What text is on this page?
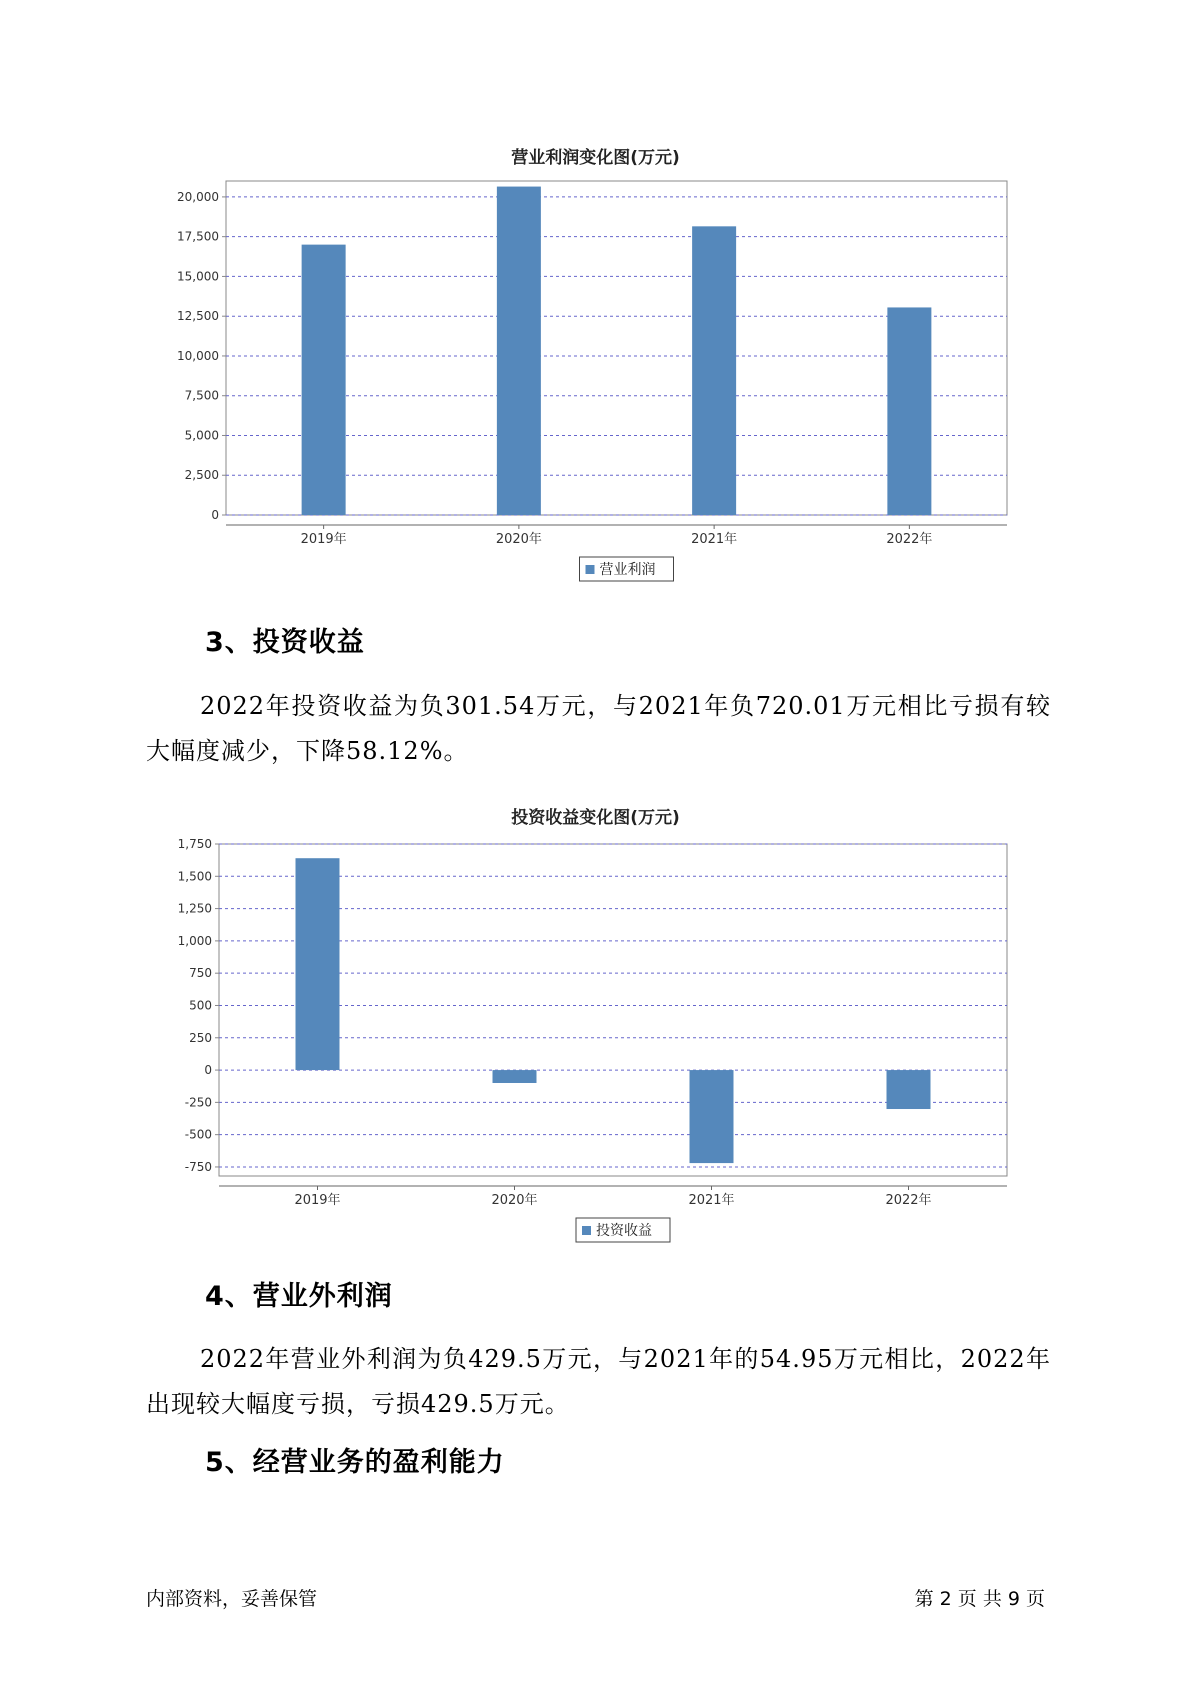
营业利润变化图(万元)
0
2,500
5,000
7,500
10,000
12,500
15,000
17,500
20,000
2019年	2020年	2021年	2022年
营业利润
3、投资收益

2022年投资收益为负301.54万元，与2021年负720.01万元相比亏损有较大幅度减少，下降58.12%。

投资收益变化图(万元)
-750
-500
-250
0
250
500
750
1,000
1,250
1,500
1,750
2019年	2020年	2021年	2022年
投资收益
4、营业外利润

2022年营业外利润为负429.5万元，与2021年的54.95万元相比，2022年出现较大幅度亏损，亏损429.5万元。

5、经营业务的盈利能力
内部资料，妥善保管	第 2 页 共 9 页
